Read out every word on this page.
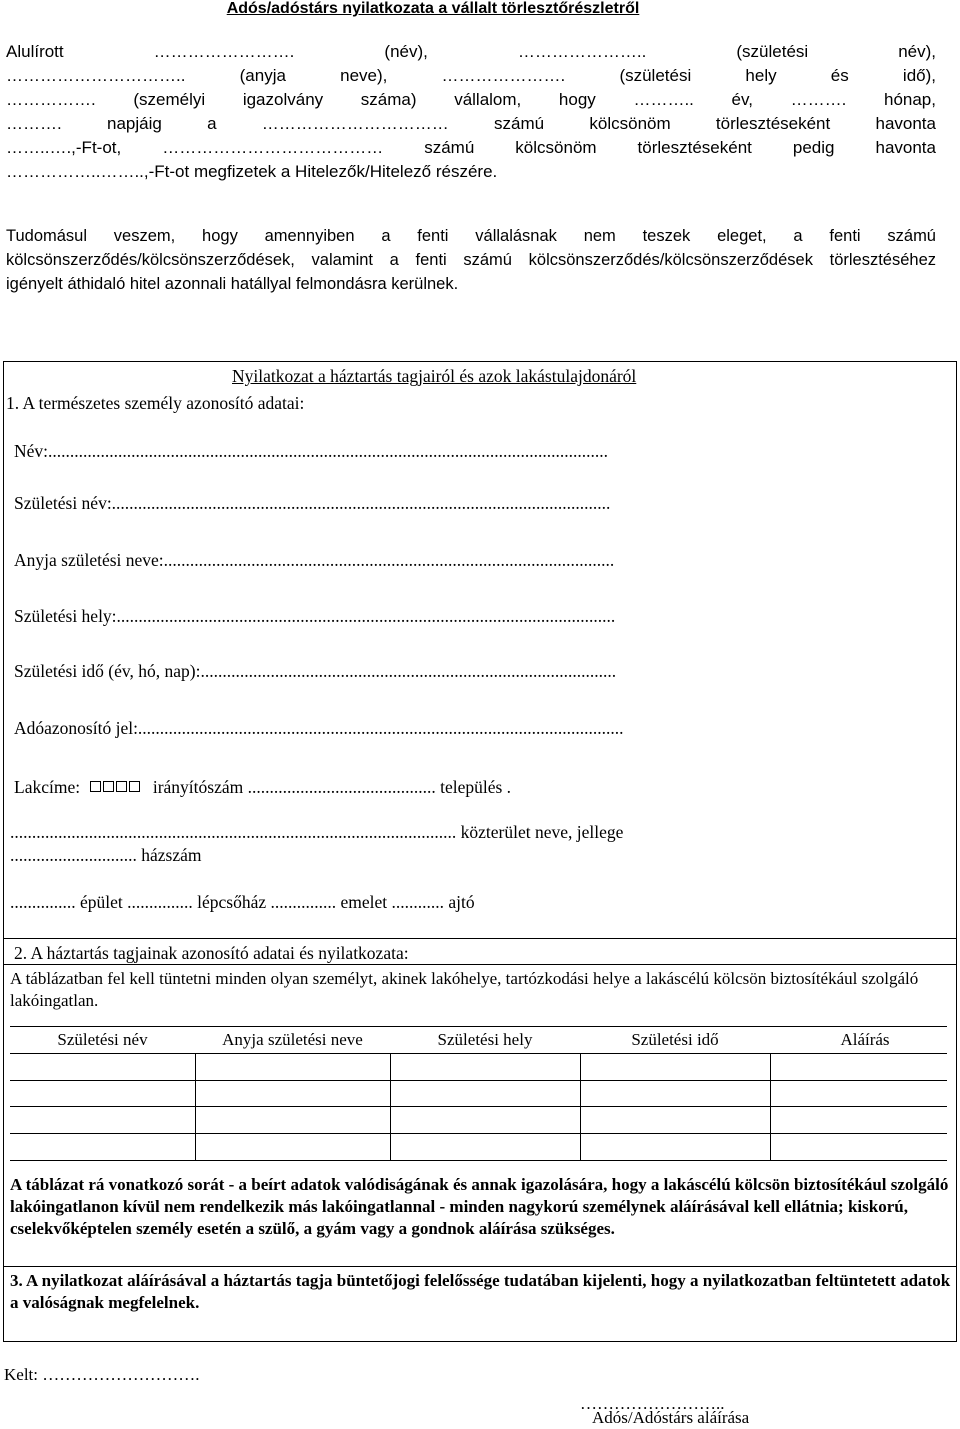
Adós/adóstárs nyilatkozata a vállalt törlesztőrészletről
Alulírott ……………………. (név), ………………….. (születési név),
………………………….. (anyja neve), …………………. (születési hely és idő),
……………. (személyi igazolvány száma) vállalom, hogy ……….. év, ………. hónap,
………. napjáig a …………………………… számú kölcsönöm törlesztéseként havonta
……..….,-Ft-ot, ………………………………… számú kölcsönöm törlesztéseként pedig havonta
……………..……..,-Ft-ot megfizetek a Hitelezők/Hitelező részére.
Tudomásul veszem, hogy amennyiben a fenti vállalásnak nem teszek eleget, a fenti számú
kölcsönszerződés/kölcsönszerződések, valamint a fenti számú kölcsönszerződés/kölcsönszerződések törlesztéséhez
igényelt áthidaló hitel azonnali hatállyal felmondásra kerülnek.
Nyilatkozat a háztartás tagjairól és azok lakástulajdonáról
1. A természetes személy azonosító adatai:
Név:................................................................................................................................
Születési név:..................................................................................................................
Anyja születési neve:.......................................................................................................
Születési hely:..................................................................................................................
Születési idő (év, hó, nap):...............................................................................................
Adóazonosító jel:...............................................................................................................
Lakcíme:	irányítószám ........................................... település .
...................................................................................................... közterület neve, jellege
............................. házszám
............... épület ............... lépcsőház ............... emelet ............ ajtó
2. A háztartás tagjainak azonosító adatai és nyilatkozata:
A táblázatban fel kell tüntetni minden olyan személyt, akinek lakóhelye, tartózkodási helye a lakáscélú kölcsön biztosítékául szolgáló lakóingatlan.
Születési név	Anyja születési neve	Születési hely	Születési idő	Aláírás
A táblázat rá vonatkozó sorát - a beírt adatok valódiságának és annak igazolására, hogy a lakáscélú kölcsön biztosítékául szolgáló lakóingatlanon kívül nem rendelkezik más lakóingatlannal - minden nagykorú személynek aláírásával kell ellátnia; kiskorú, cselekvőképtelen személy esetén a szülő, a gyám vagy a gondnok aláírása szükséges.
3. A nyilatkozat aláírásával a háztartás tagja büntetőjogi felelőssége tudatában kijelenti, hogy a nyilatkozatban feltüntetett adatok a valóságnak megfelelnek.
Kelt: ……………………….
……………………..
Adós/Adóstárs aláírása
